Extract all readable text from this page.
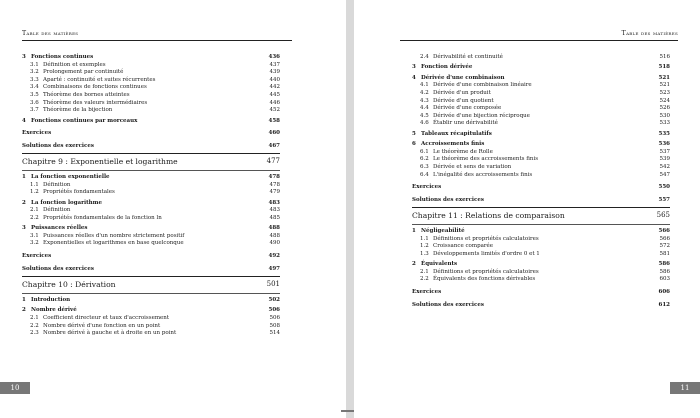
Table des matières
3 Fonctions continues	436
3.1 Définition et exemples	437
3.2 Prolongement par continuité	439
3.3 Aparté : continuité et suites récurrentes	440
3.4 Combinaisons de fonctions continues	442
3.5 Théorème des bornes atteintes	445
3.6 Théorème des valeurs intermédiaires	446
3.7 Théorème de la bijection	452
4 Fonctions continues par morceaux	458
Exercices	460
Solutions des exercices	467
Chapitre 9 : Exponentielle et logarithme	477
1 La fonction exponentielle	478
1.1 Définition	478
1.2 Propriétés fondamentales	479
2 La fonction logarithme	483
2.1 Définition	483
2.2 Propriétés fondamentales de la fonction ln	485
3 Puissances réelles	488
3.1 Puissances réelles d'un nombre strictement positif	488
3.2 Exponentielles et logarithmes en base quelconque	490
Exercices	492
Solutions des exercices	497
Chapitre 10 : Dérivation	501
1 Introduction	502
2 Nombre dérivé	506
2.1 Coefficient directeur et taux d'accroissement	506
2.2 Nombre dérivé d'une fonction en un point	508
2.3 Nombre dérivé à gauche et à droite en un point	514
10
Table des matières
2.4 Dérivabilité et continuité	516
3 Fonction dérivée	518
4 Dérivée d'une combinaison	521
4.1 Dérivée d'une combinaison linéaire	521
4.2 Dérivée d'un produit	523
4.3 Dérivée d'un quotient	524
4.4 Dérivée d'une composée	526
4.5 Dérivée d'une bijection réciproque	530
4.6 Établir une dérivabilité	533
5 Tableaux récapitulatifs	535
6 Accroissements finis	536
6.1 Le théorème de Rolle	537
6.2 Le théorème des accroissements finis	539
6.3 Dérivée et sens de variation	542
6.4 L'inégalité des accroissements finis	547
Exercices	550
Solutions des exercices	557
Chapitre 11 : Relations de comparaison	565
1 Négligeabilité	566
1.1 Définitions et propriétés calculatoires	566
1.2 Croissance comparée	572
1.3 Développements limités d'ordre 0 et 1	581
2 Équivalents	586
2.1 Définitions et propriétés calculatoires	586
2.2 Équivalents des fonctions dérivables	603
Exercices	606
Solutions des exercices	612
11
